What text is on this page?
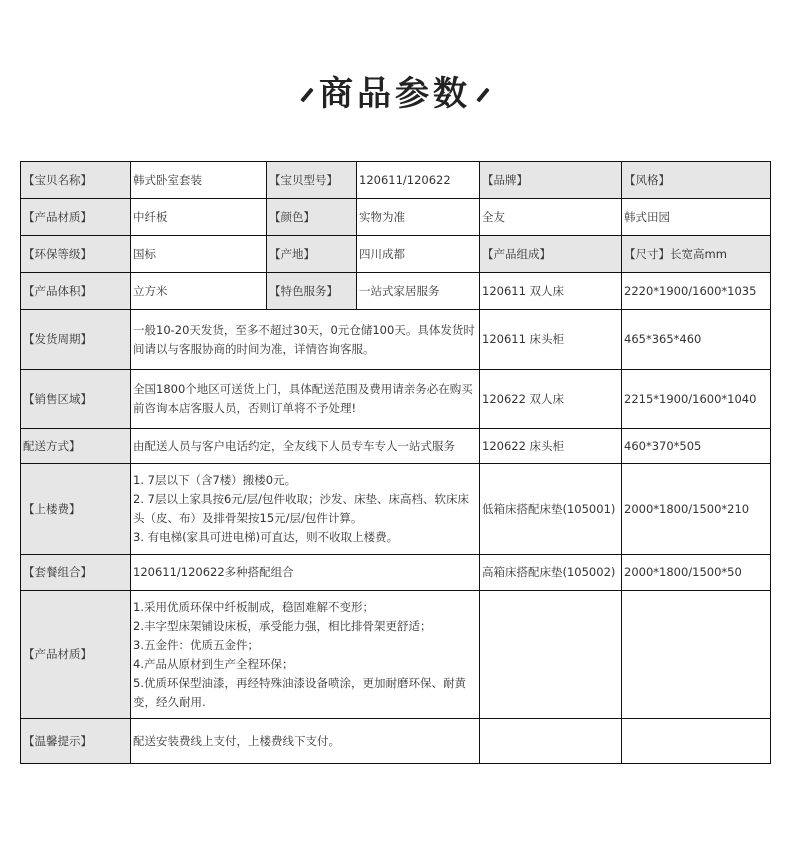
商品参数
【宝贝名称】	韩式卧室套装	【宝贝型号】	120611/120622	【品牌】	【风格】
【产品材质】	中纤板	【颜色】	实物为准	全友	韩式田园
【环保等级】	国标	【产地】	四川成都	【产品组成】	【尺寸】长宽高mm
【产品体积】	立方米	【特色服务】	一站式家居服务	120611 双人床	2220*1900/1600*1035
【发货周期】	一般10-20天发货，至多不超过30天，0元仓储100天。具体发货时间请以与客服协商的时间为准，详情咨询客服。			120611 床头柜	465*365*460
【销售区域】	全国1800个地区可送货上门，具体配送范围及费用请亲务必在购买前咨询本店客服人员，否则订单将不予处理!			120622 双人床	2215*1900/1600*1040
配送方式】	由配送人员与客户电话约定，全友线下人员专车专人一站式服务			120622 床头柜	460*370*505
【上楼费】	1. 7层以下（含7楼）搬楼0元。
2. 7层以上家具按6元/层/包件收取；沙发、床垫、床高档、软床床头（皮、布）及排骨架按15元/层/包件计算。
3. 有电梯(家具可进电梯)可直达，则不收取上楼费。			低箱床搭配床垫(105001)	2000*1800/1500*210
【套餐组合】	120611/120622多种搭配组合			高箱床搭配床垫(105002)	2000*1800/1500*50
【产品材质】	1.采用优质环保中纤板制成，稳固难解不变形；
2.丰字型床架铺设床板，承受能力强，相比排骨架更舒适；
3.五金件：优质五金件；
4.产品从原材到生产全程环保；
5.优质环保型油漆，再经特殊油漆设备喷涂，更加耐磨环保、耐黄变，经久耐用.				

【温馨提示】	配送安装费线上支付，上楼费线下支付。				
